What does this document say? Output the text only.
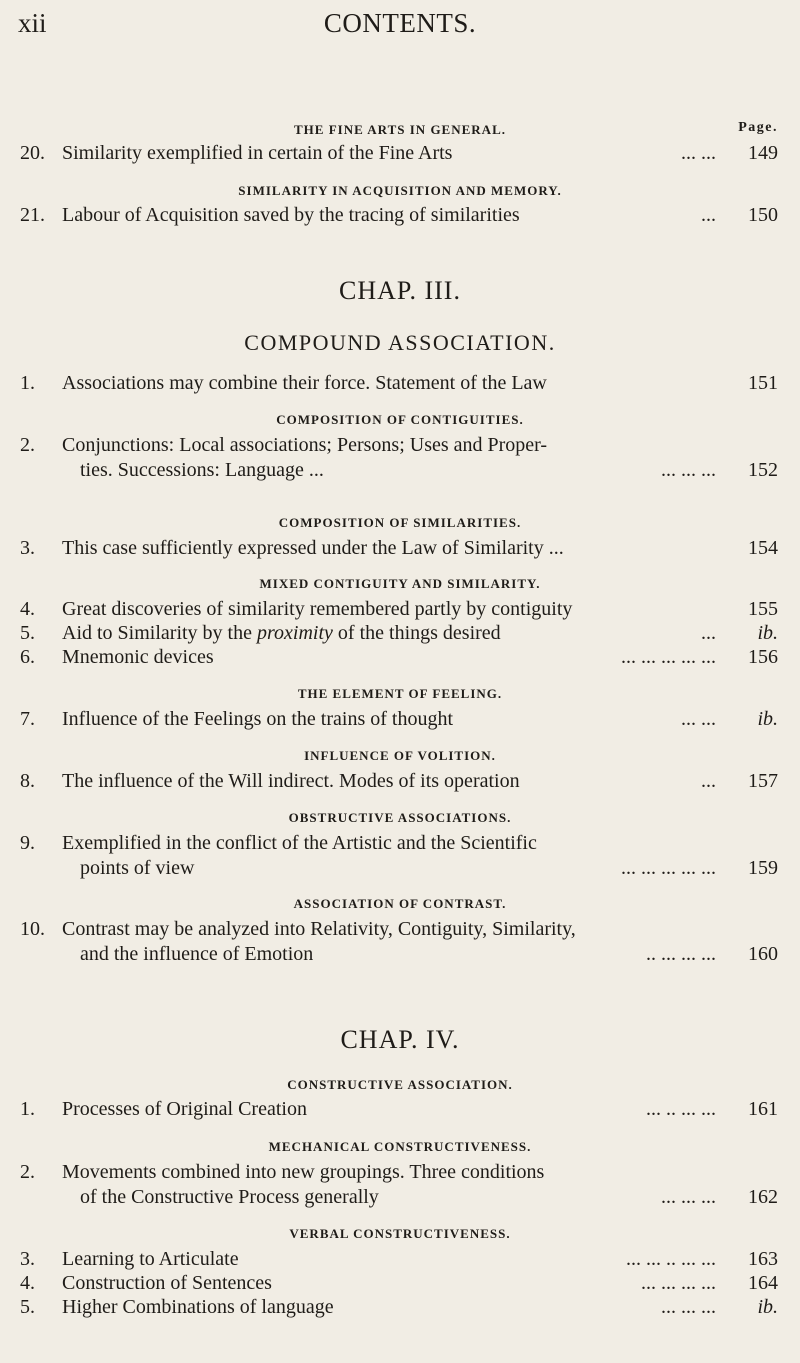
xii	CONTENTS.
THE FINE ARTS IN GENERAL.	Page.
20. Similarity exemplified in certain of the Fine Arts	... ...	149
SIMILARITY IN ACQUISITION AND MEMORY.
21. Labour of Acquisition saved by the tracing of similarities	...	150
CHAP. III.
COMPOUND ASSOCIATION.
1.	Associations may combine their force. Statement of the Law	151
COMPOSITION OF CONTIGUITIES.
2.	Conjunctions: Local associations; Persons; Uses and Proper-
ties. Successions: Language ...	... ... ...	152
COMPOSITION OF SIMILARITIES.
3.	This case sufficiently expressed under the Law of Similarity ...	154
MIXED CONTIGUITY AND SIMILARITY.
4.	Great discoveries of similarity remembered partly by contiguity	155
5.	Aid to Similarity by the proximity of the things desired	...	ib.
6.	Mnemonic devices	... ... ... ... ...	156
THE ELEMENT OF FEELING.
7.	Influence of the Feelings on the trains of thought	... ...	ib.
INFLUENCE OF VOLITION.
8.	The influence of the Will indirect. Modes of its operation	...	157
OBSTRUCTIVE ASSOCIATIONS.
9.	Exemplified in the conflict of the Artistic and the Scientific
points of view	... ... ... ... ...	159
ASSOCIATION OF CONTRAST.
10. Contrast may be analyzed into Relativity, Contiguity, Similarity,
and the influence of Emotion	.. ... ... ...	160
CHAP. IV.
CONSTRUCTIVE ASSOCIATION.
1.	Processes of Original Creation	... .. ... ...	161
MECHANICAL CONSTRUCTIVENESS.
2.	Movements combined into new groupings. Three conditions
of the Constructive Process generally	... ... ...	162
VERBAL CONSTRUCTIVENESS.
3.	Learning to Articulate	... ... .. ... ...	163
4.	Construction of Sentences	... ... ... ...	164
5.	Higher Combinations of language	... ... ...	ib.
